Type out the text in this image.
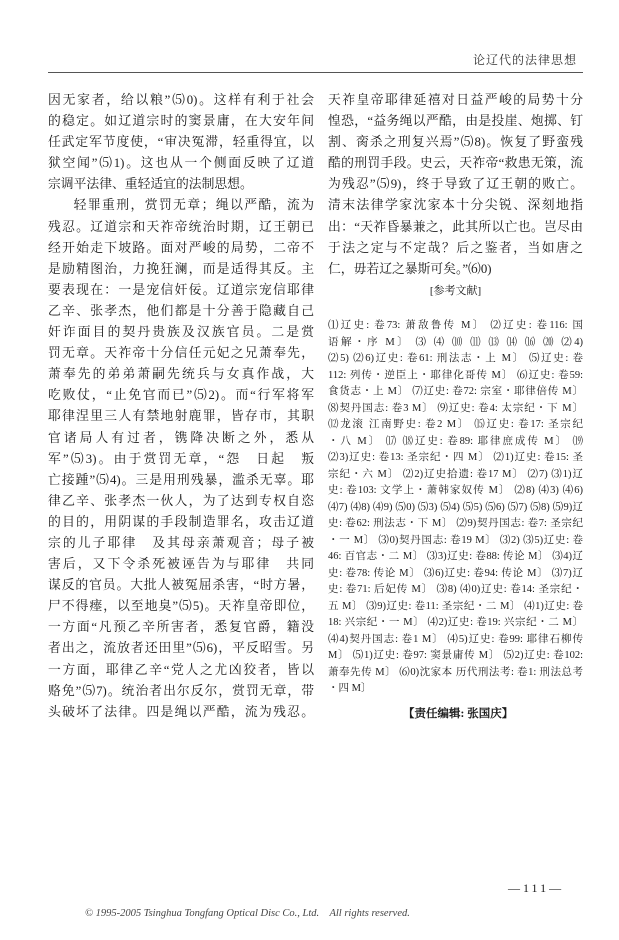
论辽代的法律思想
因无家者，给以粮”⑸0)。这样有利于社会
的稳定。如辽道宗时的窦景庸，在大安年间
任武定军节度使，“审决冤滞，轻重得宜，以
狱空闻”⑸1)。这也从一个侧面反映了辽道
宗调平法律、重轻适宜的法制思想。
轻罪重刑，赏罚无章；绳以严酷，流为
残忍。辽道宗和天祚帝统治时期，辽王朝已
经开始走下坡路。面对严峻的局势，二帝不
是励精图治，力挽狂澜，而是适得其反。主
要表现在：一是宠信奸佞。辽道宗宠信耶律
乙辛、张孝杰，他们都是十分善于隐藏自己
奸诈面目的契丹贵族及汉族官员。二是赏
罚无章。天祚帝十分信任元妃之兄萧奉先，
萧奉先的弟弟萧嗣先统兵与女真作战，大
吃败仗，“止免官而已”⑸2)。而“行军将军
耶律涅里三人有禁地射鹿罪，皆存市，其职
官诸局人有过者，镌降决断之外，悉从
军”⑸3)。由于赏罚无章，“怨　日起　叛
亡接踵”⑸4)。三是用刑残暴，滥杀无辜。耶
律乙辛、张孝杰一伙人，为了达到专权自恣
的目的，用阴谋的手段制造罪名，攻击辽道
宗的儿子耶律　及其母亲萧观音；母子被
害后，又下令杀死被诬告为与耶律　共同
谋反的官员。大批人被冤屈杀害，“时方暑，
尸不得瘗，以至地臭”⑸5)。天祚皇帝即位，
一方面“凡预乙辛所害者，悉复官爵，籍没
者出之，流放者还田里”⑸6)，平反昭雪。另
一方面，耶律乙辛“党人之尤凶狡者，皆以
赂免”⑸7)。统治者出尔反尔，赏罚无章，带
头破坏了法律。四是绳以严酷，流为残忍。
天祚皇帝耶律延禧对日益严峻的局势十分
惶恐，“益务绳以严酷，由是投崖、炮掷、钉
割、脔杀之刑复兴焉”⑸8)。恢复了野蛮残
酷的刑罚手段。史云，天祚帝“救患无策，流
为残忍”⑸9)，终于导致了辽王朝的败亡。
清末法律学家沈家本十分尖锐、深刻地指
出：“天祚昏暴兼之，此其所以亡也。岂尽由
于法之定与不定哉？后之鉴者，当如唐之
仁，毋若辽之暴斯可矣。”⑹0)
[参考文献]
⑴辽史: 卷73: 萧敌鲁传 M〕 ⑵辽史: 卷116: 国
语解・序 M〕 ⑶ ⑷ ⑽ ⑾ ⒀ ⒁ ⒃ ⒇ ⑵4)
⑵5) ⑵6)辽史: 卷61: 刑法志・上 M〕 ⑸辽史: 卷
112: 列传・逆臣上・耶律化哥传 M〕 ⑹辽史: 卷59:
食货志・上 M〕 ⑺辽史: 卷72: 宗室・耶律倍传 M〕
⑻契丹国志: 卷3 M〕 ⑼辽史: 卷4: 太宗纪・下 M〕
⑿龙滚 江南野史: 卷2 M〕 ⒂辽史: 卷17: 圣宗纪
・八 M〕 ⒄ ⒅辽史: 卷89: 耶律庶成传 M〕 ⒆
⑵3)辽史: 卷13: 圣宗纪・四 M〕 ⑵1)辽史: 卷15: 圣
宗纪・六 M〕 ⑵2)辽史拾遗: 卷17 M〕 ⑵7) ⑶1)辽
史: 卷103: 文学上・萧韩家奴传 M〕 ⑵8) ⑷3) ⑷6)
⑷7) ⑷8) ⑷9) ⑸0) ⑸3) ⑸4) ⑸5) ⑸6) ⑸7) ⑸8) ⑸9)辽
史: 卷62: 刑法志・下 M〕 ⑵9)契丹国志: 卷7: 圣宗纪
・一 M〕 ⑶0)契丹国志: 卷19 M〕 ⑶2) ⑶5)辽史: 卷
46: 百官志・二 M〕 ⑶3)辽史: 卷88: 传论 M〕 ⑶4)辽
史: 卷78: 传论 M〕 ⑶6)辽史: 卷94: 传论 M〕 ⑶7)辽
史: 卷71: 后妃传 M〕 ⑶8) ⑷0)辽史: 卷14: 圣宗纪・
五 M〕 ⑶9)辽史: 卷11: 圣宗纪・二 M〕 ⑷1)辽史: 卷
18: 兴宗纪・一 M〕 ⑷2)辽史: 卷19: 兴宗纪・二 M〕
⑷4)契丹国志: 卷1 M〕 ⑷5)辽史: 卷99: 耶律石柳传
M〕 ⑸1)辽史: 卷97: 窦景庸传 M〕 ⑸2)辽史: 卷102:
萧奉先传 M〕 ⑹0)沈家本 历代刑法考: 卷1: 刑法总考
・四 M〕
【责任编辑: 张国庆】
—111—
© 1995-2005 Tsinghua Tongfang Optical Disc Co., Ltd.    All rights reserved.
